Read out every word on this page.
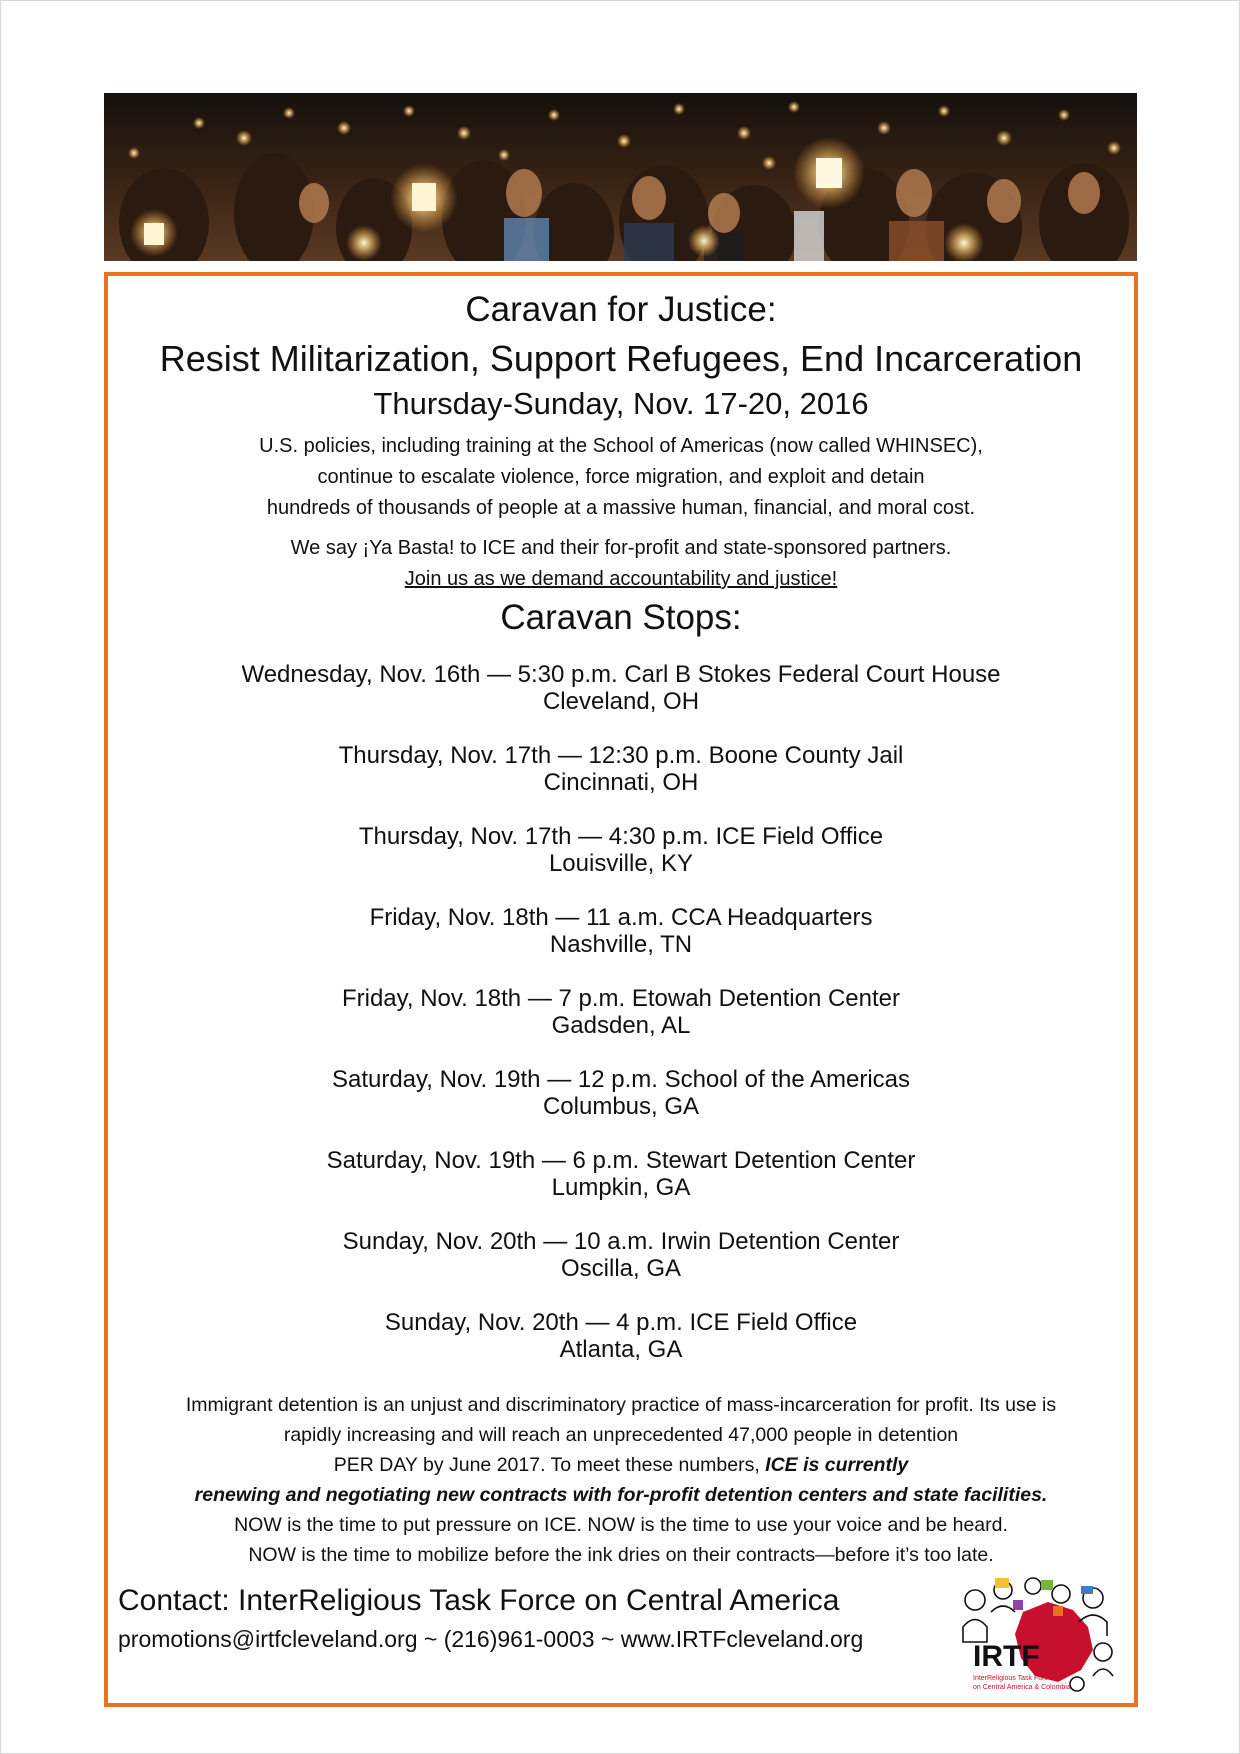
Caravan for Justice:
Resist Militarization, Support Refugees, End Incarceration
Thursday-Sunday, Nov. 17-20, 2016

U.S. policies, including training at the School of Americas (now called WHINSEC),

continue to escalate violence, force migration, and exploit and detain

hundreds of thousands of people at a massive human, financial, and moral cost.

We say ¡Ya Basta! to ICE and their for-profit and state-sponsored partners.

Join us as we demand accountability and justice!

Caravan Stops:
Wednesday, Nov. 16th — 5:30 p.m. Carl B Stokes Federal Court House
Cleveland, OH
Thursday, Nov. 17th — 12:30 p.m. Boone County Jail
Cincinnati, OH
Thursday, Nov. 17th — 4:30 p.m. ICE Field Office
Louisville, KY
Friday, Nov. 18th — 11 a.m. CCA Headquarters
Nashville, TN
Friday, Nov. 18th — 7 p.m. Etowah Detention Center
Gadsden, AL
Saturday, Nov. 19th — 12 p.m. School of the Americas
Columbus, GA
Saturday, Nov. 19th — 6 p.m. Stewart Detention Center
Lumpkin, GA
Sunday, Nov. 20th — 10 a.m. Irwin Detention Center
Oscilla, GA
Sunday, Nov. 20th — 4 p.m. ICE Field Office
Atlanta, GA

Immigrant detention is an unjust and discriminatory practice of mass-incarceration for profit. Its use is

rapidly increasing and will reach an unprecedented 47,000 people in detention

PER DAY by June 2017. To meet these numbers, ICE is currently

renewing and negotiating new contracts with for-profit detention centers and state facilities.

NOW is the time to put pressure on ICE. NOW is the time to use your voice and be heard.

NOW is the time to mobilize before the ink dries on their contracts—before it’s too late.

Contact: InterReligious Task Force on Central America
promotions@irtfcleveland.org ~ (216)961-0003 ~ www.IRTFcleveland.org
IRTF
InterReligious Task Force
on Central America & Colombia
